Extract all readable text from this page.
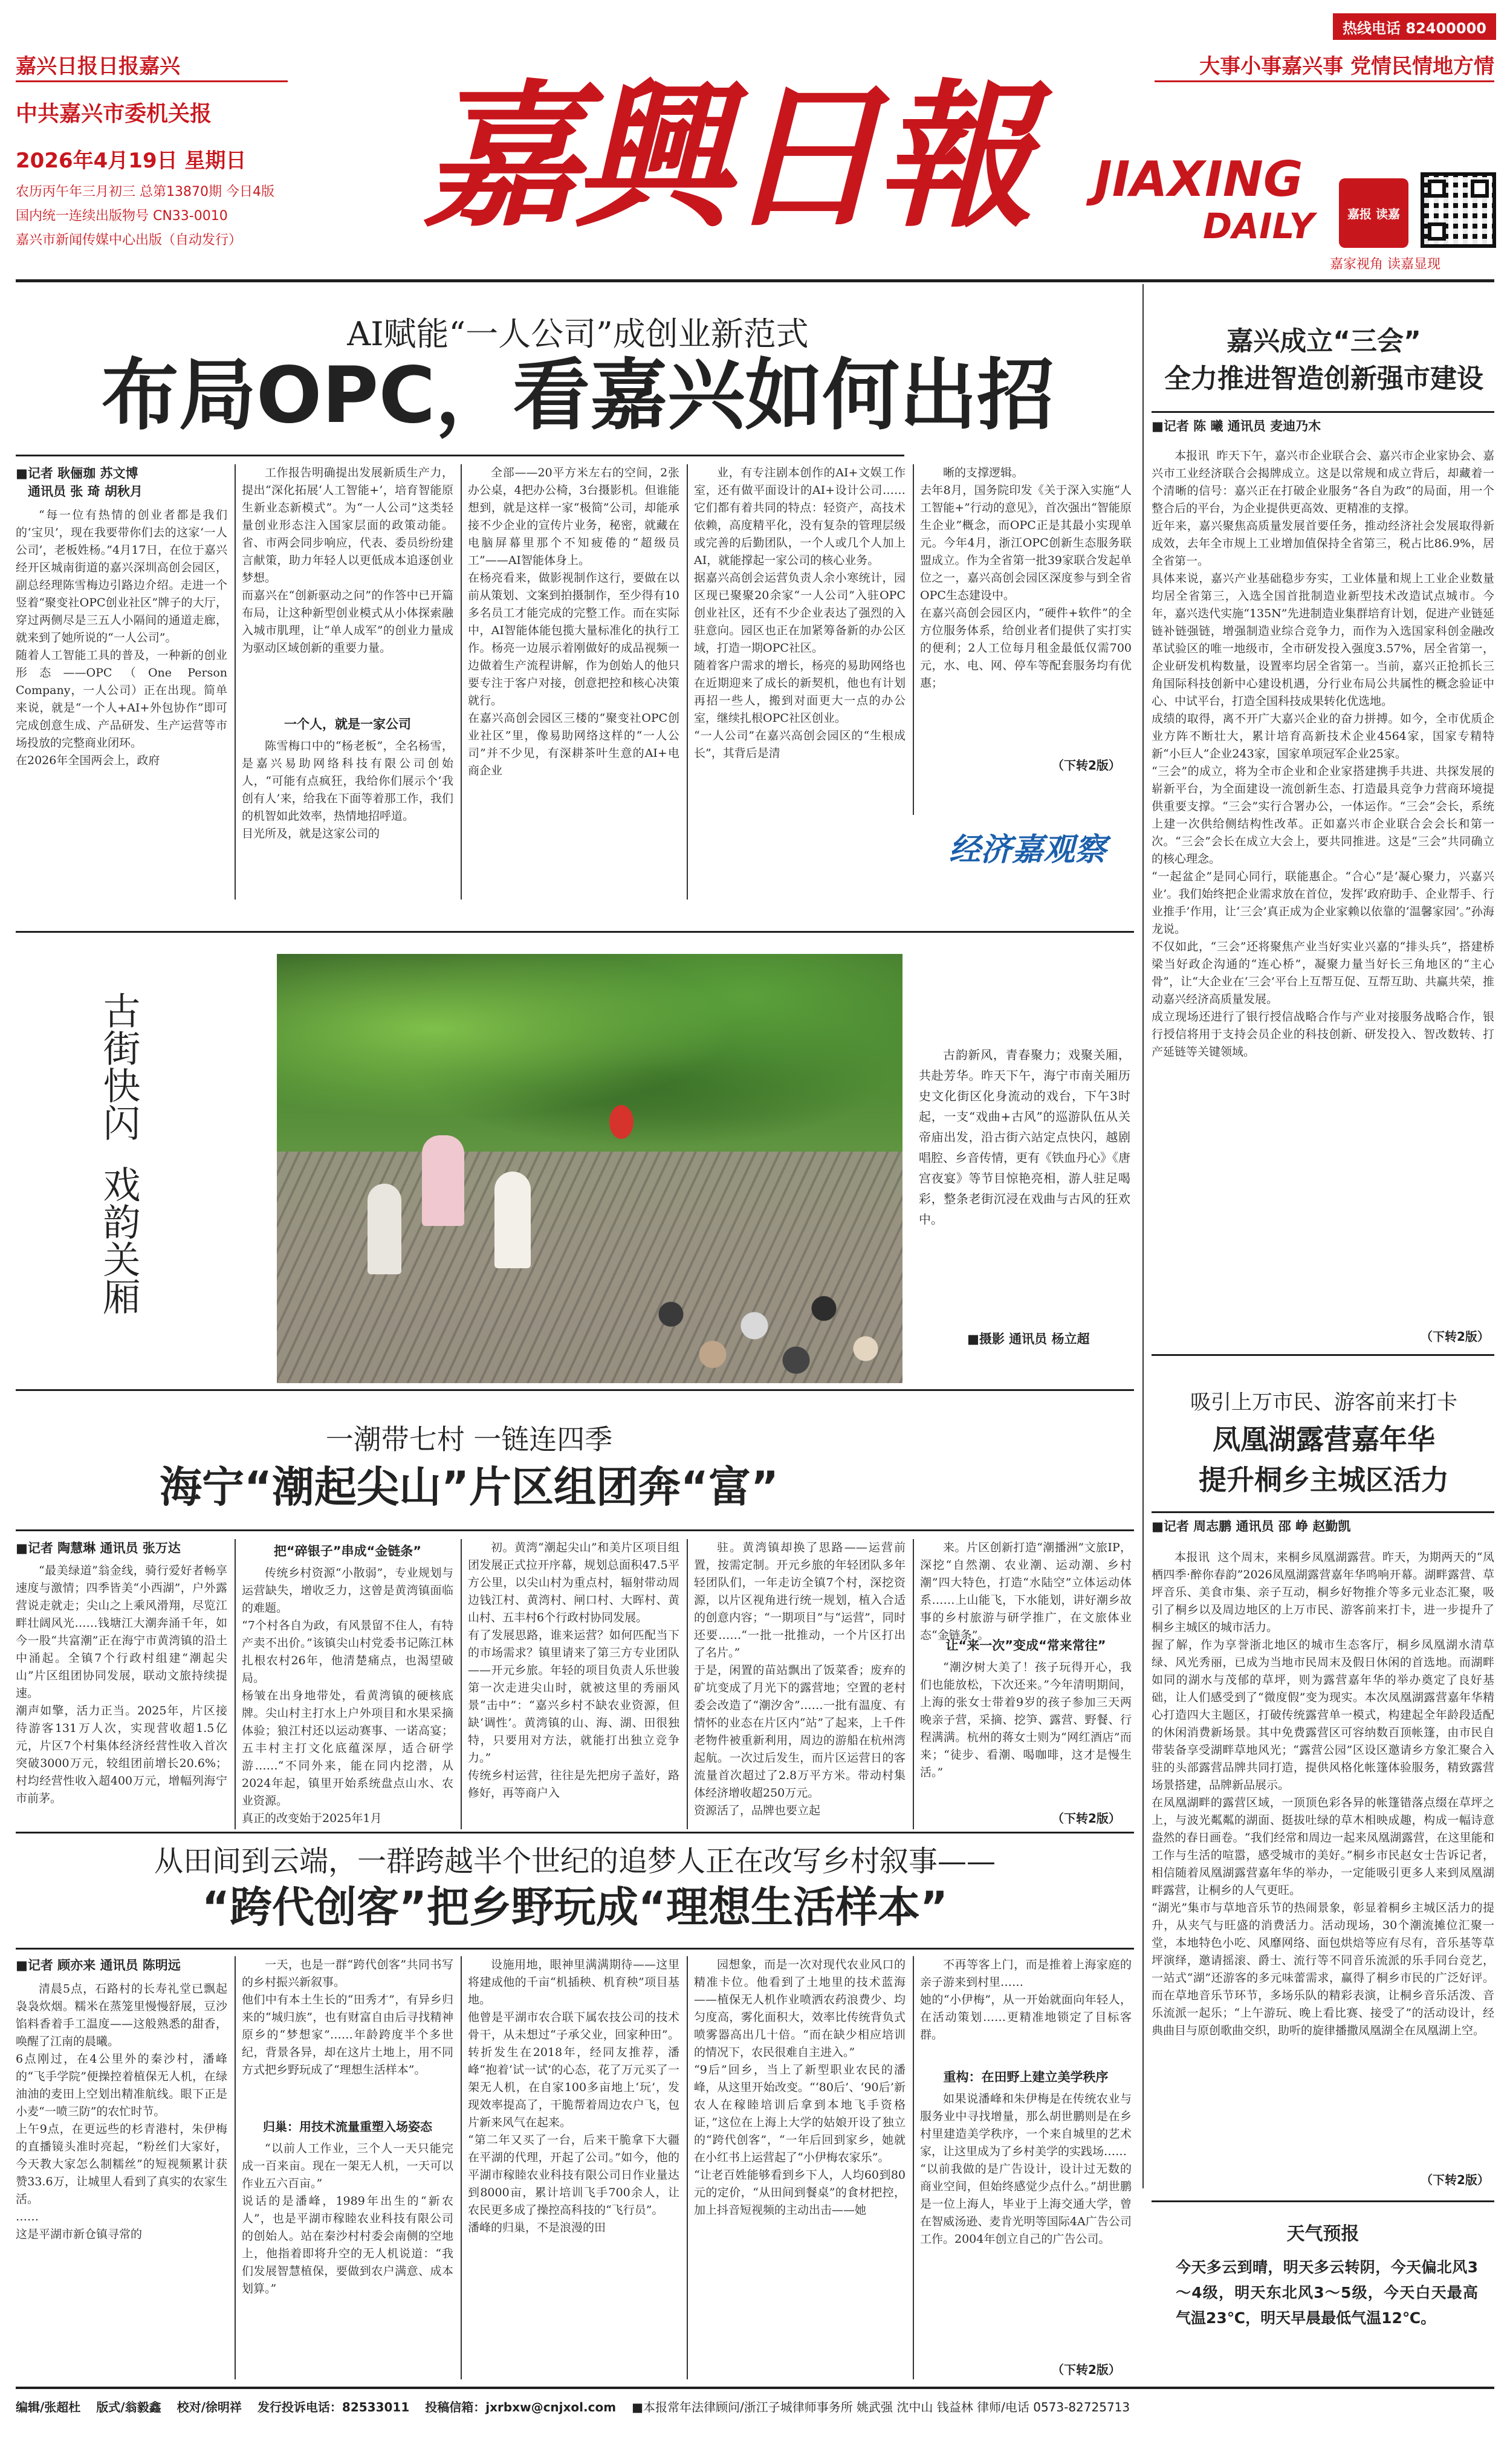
热线电话 82400000
嘉兴日报日报嘉兴	大事小事嘉兴事 党情民情地方情
中共嘉兴市委机关报
2026年4月19日 星期日
农历丙午年三月初三 总第13870期 今日4版
国内统一连续出版物号 CN33-0010
嘉兴市新闻传媒中心出版（自动发行） 嘉興日報 JIAXING
DAILY	嘉报 读嘉
嘉家视角 读嘉显现
AI赋能“一人公司”成创业新范式
布局OPC，看嘉兴如何出招
■记者 耿俪珈 苏文博
通讯员 张 琦 胡秋月
“每一位有热情的创业者都是我们的‘宝贝’，现在我要带你们去的这家‘一人公司’，老板姓杨。”4月17日，在位于嘉兴经开区城南街道的嘉兴深圳高创会园区，副总经理陈雪梅边引路边介绍。走进一个竖着“聚变社OPC创业社区”牌子的大厅，穿过两侧尽是三五人小隔间的通道走廊，就来到了她所说的“一人公司”。
随着人工智能工具的普及，一种新的创业形态——OPC（One Person Company，一人公司）正在出现。简单来说，就是“一个人+AI+外包协作”即可完成创意生成、产品研发、生产运营等市场投放的完整商业闭环。
在2026年全国两会上，政府
工作报告明确提出发展新质生产力，提出“深化拓展‘人工智能+’，培育智能原生新业态新模式”。为“一人公司”这类轻量创业形态注入国家层面的政策动能。省、市两会同步响应，代表、委员纷纷建言献策，助力年轻人以更低成本追逐创业梦想。
而嘉兴在“创新驱动之问”的作答中已开篇布局，让这种新型创业模式从小体探索融入城市肌理，让“单人成军”的创业力量成为驱动区域创新的重要力量。
一个人，就是一家公司
陈雪梅口中的“杨老板”，全名杨雪，是嘉兴易助网络科技有限公司创始人，“可能有点疯狂，我给你们展示个‘我创有人’来，给我在下面等着那工作，我们的机智如此效率，热情地招呼道。
目光所及，就是这家公司的
全部——20平方米左右的空间，2张办公桌，4把办公椅，3台摄影机。但谁能想到，就是这样一家“极简”公司，却能承接不少企业的宣传片业务，秘密，就藏在电脑屏幕里那个不知疲倦的“超级员工”——AI智能体身上。
在杨亮看来，做影视制作这行，要做在以前从策划、文案到拍摄制作，至少得有10多名员工才能完成的完整工作。而在实际中，AI智能体能包揽大量标准化的执行工作。杨亮一边展示着刚做好的成品视频一边做着生产流程讲解，作为创始人的他只要专注于客户对接，创意把控和核心决策就行。
在嘉兴高创会园区三楼的“聚变社OPC创业社区”里，像易助网络这样的“一人公司”并不少见，有深耕茶叶生意的AI+电商企业
业，有专注剧本创作的AI+文娱工作室，还有做平面设计的AI+设计公司……它们都有着共同的特点：轻资产，高技术依赖，高度精平化，没有复杂的管理层级或完善的后勤团队，一个人或几个人加上AI，就能撑起一家公司的核心业务。
据嘉兴高创会运营负责人余小寒统计，园区现已聚聚20余家“一人公司”入驻OPC创业社区，还有不少企业表达了强烈的入驻意向。园区也正在加紧筹备新的办公区域，打造一期OPC社区。
随着客户需求的增长，杨亮的易助网络也在近期迎来了成长的新契机，他也有计划再招一些人，搬到对面更大一点的办公室，继续扎根OPC社区创业。
“一人公司”在嘉兴高创会园区的“生根成长”，其背后是清
晰的支撑逻辑。
去年8月，国务院印发《关于深入实施“人工智能+”行动的意见》，首次强出“智能原生企业”概念，而OPC正是其最小实现单元。今年4月，浙江OPC创新生态服务联盟成立。作为全省第一批39家联合发起单位之一，嘉兴高创会园区深度参与到全省OPC生态建设中。
在嘉兴高创会园区内，“硬件+软件”的全方位服务体系，给创业者们提供了实打实的便利；2人工位每月租金最低仅需700元，水、电、网、停车等配套服务均有优惠；
（下转2版）
经济嘉观察
嘉兴成立“三会”
全力推进智造创新强市建设
■记者 陈 曦 通讯员 麦迪乃木
本报讯  昨天下午，嘉兴市企业联合会、嘉兴市企业家协会、嘉兴市工业经济联合会揭牌成立。这是以常规和成立背后，却藏着一个清晰的信号：嘉兴正在打破企业服务“各自为政”的局面，用一个整合后的平台，为企业提供更高效、更精准的支撑。
近年来，嘉兴聚焦高质量发展首要任务，推动经济社会发展取得新成效，去年全市规上工业增加值保持全省第三，税占比86.9%，居全省第一。
具体来说，嘉兴产业基础稳步夯实，工业体量和规上工业企业数量均居全省第三，入选全国首批制造业新型技术改造试点城市。今年，嘉兴迭代实施“135N”先进制造业集群培育计划，促进产业链延链补链强链，增强制造业综合竞争力，而作为入选国家科创金融改革试验区的唯一地级市，全市研发投入强度3.57%，居全省第一，企业研发机构数量，设置率均居全省第一。当前，嘉兴正抢抓长三角国际科技创新中心建设机遇，分行业布局公共属性的概念验证中心、中试平台，打造全国科技成果转化优选地。
成绩的取得，离不开广大嘉兴企业的奋力拼搏。如今，全市优质企业方阵不断壮大，累计培育高新技术企业4564家，国家专精特新“小巨人”企业243家，国家单项冠军企业25家。
“三会”的成立，将为全市企业和企业家搭建携手共进、共探发展的崭新平台，为全面建设一流创新生态、打造最具竞争力营商环境提供重要支撑。“三会”实行合署办公，一体运作。“三会”会长，系统上建一次供给侧结构性改革。正如嘉兴市企业联合会会长和第一次。“三会”会长在成立大会上，要共同推进。这是“三会”共同确立的核心理念。
“一起盆企”是同心同行，联能惠企。“合心”是‘凝心聚力，兴嘉兴业’。我们始终把企业需求放在首位，发挥‘政府助手、企业帮手、行业推手’作用，让‘三会’真正成为企业家赖以依靠的‘温馨家园’。”孙海龙说。
不仅如此，“三会”还将聚焦产业当好实业兴嘉的“排头兵”，搭建桥梁当好政企沟通的“连心桥”，凝聚力量当好长三角地区的“主心骨”，让“大企业在‘三会’平台上互帮互促、互帮互助、共赢共荣，推动嘉兴经济高质量发展。
成立现场还进行了银行授信战略合作与产业对接服务战略合作，银行授信将用于支持会员企业的科技创新、研发投入、智改数转、打产延链等关键领域。
（下转2版）
古街快闪  戏韵关厢	古韵新风，青春聚力；戏聚关厢，共赴芳华。昨天下午，海宁市南关厢历史文化街区化身流动的戏台，下午3时起，一支“戏曲+古风”的巡游队伍从关帝庙出发，沿古街六站定点快闪，越剧唱腔、乡音传情，更有《铁血丹心》《唐宫夜宴》等节目惊艳亮相，游人驻足喝彩，整条老街沉浸在戏曲与古风的狂欢中。
■摄影 通讯员 杨立超
一潮带七村 一链连四季
海宁“潮起尖山”片区组团奔“富”
■记者 陶慧琳 通讯员 张万达
“最美绿道”翁金线，骑行爱好者畅享速度与激情；四季皆美“小西湖”，户外露营说走就走；尖山之上乘风滑翔，尽览江畔壮阔风光……钱塘江大潮奔涌千年，如今一股“共富潮”正在海宁市黄湾镇的沿土中涌起。全镇7个行政村组建“潮起尖山”片区组团协同发展，联动文旅持续提速。
潮声如擎，活力正当。2025年，片区接待游客131万人次，实现营收超1.5亿元，片区7个村集体经济经营性收入首次突破3000万元，较组团前增长20.6%；村均经营性收入超400万元，增幅列海宁市前茅。
把“碎银子”串成“金链条”
传统乡村资源“小散弱”，专业规划与运营缺失，增收乏力，这曾是黄湾镇面临的难题。
“7个村各自为政，有风景留不住人，有特产卖不出价。”该镇尖山村党委书记陈江林扎根农村26年，他清楚痛点，也渴望破局。
杨皱在出身地带处，看黄湾镇的硬核底牌。尖山村主打水上户外项目和水果采摘体验；狼江村还以运动赛事、一诺高宴；五丰村主打文化底蕴深厚，适合研学游……“不同外来，能在同内挖潜，从2024年起，镇里开始系统盘点山水、农业资源。
真正的改变始于2025年1月
初。黄湾“潮起尖山”和美片区项目组团发展正式拉开序幕，规划总面积47.5平方公里，以尖山村为重点村，辐射带动周边钱江村、黄湾村、闸口村、大晖村、黄山村、五丰村6个行政村协同发展。
有了发展思路，谁来运营？如何匹配当下的市场需求？镇里请来了第三方专业团队——开元乡旅。年轻的项目负责人乐世骏第一次走进尖山时，就被这里的秀丽风景“击中”：“嘉兴乡村不缺农业资源，但缺‘调性’。黄湾镇的山、海、湖、田很独特，只要用对方法，就能打出独立竞争力。”
传统乡村运营，往往是先把房子盖好，路修好，再等商户入
驻。黄湾镇却换了思路——运营前置，按需定制。开元乡旅的年轻团队多年轻团队们，一年走访全镇7个村，深挖资源，以片区视角进行统一规划，植入合适的创意内容；“一期项目”与“运营”，同时还要……“一批一批推动，一个片区打出了名片。”
于是，闲置的苗站飘出了饭菜香；废弃的矿坑变成了月光下的露营地；空置的老村委会改造了“潮汐舍”……一批有温度、有情怀的业态在片区内“站”了起来，上千件老物件被重新利用，周边的游船在杭州湾起航。一次过后发生，而片区运营日的客流量首次超过了2.8万平方米。带动村集体经济增收超250万元。
资源活了，品牌也要立起
来。片区创新打造“潮播洲”文旅IP，深挖“自然潮、农业潮、运动潮、乡村潮”四大特色，打造“水陆空”立体运动体系……上山能飞，下水能划，讲好潮乡故事的乡村旅游与研学推广，在文旅体业态“金链条”。
让“来一次”变成“常来常往”
“潮汐树大美了！孩子玩得开心，我们也能放松，下次还来。”今年清明期间，上海的张女士带着9岁的孩子参加三天两晚亲子营，采摘、挖笋、露营、野餐、行程满满。杭州的蒋女士则为“网红酒店”而来；“徒步、看潮、喝咖啡，这才是慢生活。”
（下转2版）
吸引上万市民、游客前来打卡
凤凰湖露营嘉年华
提升桐乡主城区活力
■记者 周志鹏 通讯员 邵 峥 赵勤凯
本报讯  这个周末，来桐乡凤凰湖露营。昨天，为期两天的“凤栖四季·醉你春韵”2026凤凰湖露营嘉年华鸣响开幕。湖畔露营、草坪音乐、美食市集、亲子互动，桐乡好物推介等多元业态汇聚，吸引了桐乡以及周边地区的上万市民、游客前来打卡，进一步提升了桐乡主城区的城市活力。
握了解，作为享誉浙北地区的城市生态客厅，桐乡凤凰湖水清草绿、风光秀丽，已成为当地市民周末及假日休闲的首选地。而湖畔如同的湖水与茂郁的草坪，则为露营嘉年华的举办奠定了良好基础，让人们感受到了“微度假”变为现实。本次凤凰湖露营嘉年华精心打造四大主题区，打破传统露营单一模式，构建起全年龄段适配的休闲消费新场景。其中免费露营区可容纳数百顶帐篷，由市民自带装备享受湖畔草地风光；“露营公园”区设区邀请乡方象汇聚合入驻的头部露营品牌共同打造，提供风格化帐篷体验服务，精致露营场景搭建，品牌新品展示。
在凤凰湖畔的露营区域，一顶顶色彩各异的帐篷错落点缀在草坪之上，与波光粼粼的湖面、挺拔吐绿的草木相映成趣，构成一幅诗意盎然的春日画卷。“我们经常和周边一起来凤凰湖露营，在这里能和工作与生活的喧嚣，感受城市的美好。”桐乡市民赵女士告诉记者，相信随着凤凰湖露营嘉年华的举办，一定能吸引更多人来到凤凰湖畔露营，让桐乡的人气更旺。
“湖光”集市与草地音乐节的热闹景象，彰显着桐乡主城区活力的提升，从夹气与旺盛的消费活力。活动现场，30个潮流摊位汇聚一堂，本地特色小吃、风靡网络、面包烘焙等应有尽有，音乐基等草坪演绎，邀请摇滚、爵士、流行等不同音乐流派的乐手同台竞艺，一站式“湖”还游客的多元味蕾需求，赢得了桐乡市民的广泛好评。而在草地音乐节环节，多场乐队的精彩表演，让桐乡音乐活泼、音乐流派一起乐；“上午游玩、晚上看比赛、接受了”的活动设计，经典曲目与原创歌曲交织，助听的旋律播撒凤凰湖全在凤凰湖上空。
（下转2版）
从田间到云端，一群跨越半个世纪的追梦人正在改写乡村叙事——
“跨代创客”把乡野玩成“理想生活样本”
■记者 顾亦来 通讯员 陈明远
清晨5点，石路村的长寿礼堂已飘起袅袅炊烟。糯米在蒸笼里慢慢舒展，豆沙馅料香着手工温度——这般熟悉的甜香，唤醒了江南的晨曦。
6点刚过，在4公里外的秦沙村，潘峰的“飞手学院”便操控着植保无人机，在绿油油的麦田上空划出精准航线。眼下正是小麦“一喷三防”的农忙时节。
上午9点，在更远些的杉青港村，朱伊梅的直播镜头准时亮起，“粉丝们大家好，今天教大家怎么制糯丝”的短视频累计获赞33.6万，让城里人看到了真实的农家生活。
……
这是平湖市新仓镇寻常的
一天，也是一群“跨代创客”共同书写的乡村振兴新叙事。
他们中有本土生长的“田秀才”，有异乡归来的“城归族”，也有财富自由后寻找精神原乡的“梦想家”……年龄跨度半个多世纪，背景各异，却在这片土地上，用不同方式把乡野玩成了“理想生活样本”。
归巢：用技术流量重塑入场姿态
“以前人工作业，三个人一天只能完成一百来亩。现在一架无人机，一天可以作业五六百亩。”
说话的是潘峰，1989年出生的“新农人”，也是平湖市稼睦农业科技有限公司的创始人。站在秦沙村村委会南侧的空地上，他指着即将升空的无人机说道：“我们发展智慧植保，要做到农户满意、成本划算。”
设施用地，眼神里满满期待——这里将建成他的千亩“机插秧、机育秧”项目基地。
他曾是平湖市农合联下属农技公司的技术骨干，从未想过“子承父业，回家种田”。转折发生在2018年，经同友推荐，潘峰“抱着‘试一试’的心态，花了万元买了一架无人机，在自家100多亩地上‘玩’，发现效率提高了，干脆帮着周边农户飞，包片新来风气在起来。
“第二年又买了一台，后来干脆拿下大疆在平湖的代理，开起了公司。”如今，他的平湖市稼睦农业科技有限公司日作业量达到8000亩，累计培训飞手700余人，让农民更多成了操控高科技的“飞行员”。
潘峰的归巢，不是浪漫的田
园想象，而是一次对现代农业风口的精准卡位。他看到了土地里的技术蓝海——植保无人机作业喷洒农药浪费少、均匀度高，雾化面积大，效率比传统背负式喷雾器高出几十倍。“而在缺少相应培训的情况下，农民很难自主进入。”
“9后”回乡，当上了新型职业农民的潘峰，从这里开始改变。“‘80后’、‘90后’新农人在稼睦培训后拿到本地飞手资格证，”这位在上海上大学的姑娘开设了独立的“跨代创客”，“一年后回到家乡，她就在小红书上运营起了“小伊梅农家乐”。
“让老百姓能够看到乡下人，人均60到80元的定价，“从田间到餐桌”的食材把控，加上抖音短视频的主动出击——她
不再等客上门，而是推着上海家庭的亲子游来到村里……
她的“小伊梅”，从一开始就面向年轻人，在活动策划……更精准地锁定了目标客群。
重构：在田野上建立美学秩序
如果说潘峰和朱伊梅是在传统农业与服务业中寻找增量，那么胡世鹏则是在乡村里建造美学秩序，一个来自城里的艺术家，让这里成为了乡村美学的实践场……
“以前我做的是广告设计，设计过无数的商业空间，但始终感觉少点什么。”胡世鹏是一位上海人，毕业于上海交通大学，曾在智威汤逊、麦肯光明等国际4A广告公司工作。2004年创立自己的广告公司。
（下转2版）
天气预报
今天多云到晴，明天多云转阴，今天偏北风3～4级，明天东北风3～5级，今天白天最高气温23℃，明天早晨最低气温12℃。
编辑/张超杜 版式/翁毅鑫 校对/徐明祥 发行投诉电话：82533011 投稿信箱：jxrbxw@cnjxol.com ■本报常年法律顾问/浙江子城律师事务所 姚武强 沈中山 钱益林 律师/电话 0573-82725713
